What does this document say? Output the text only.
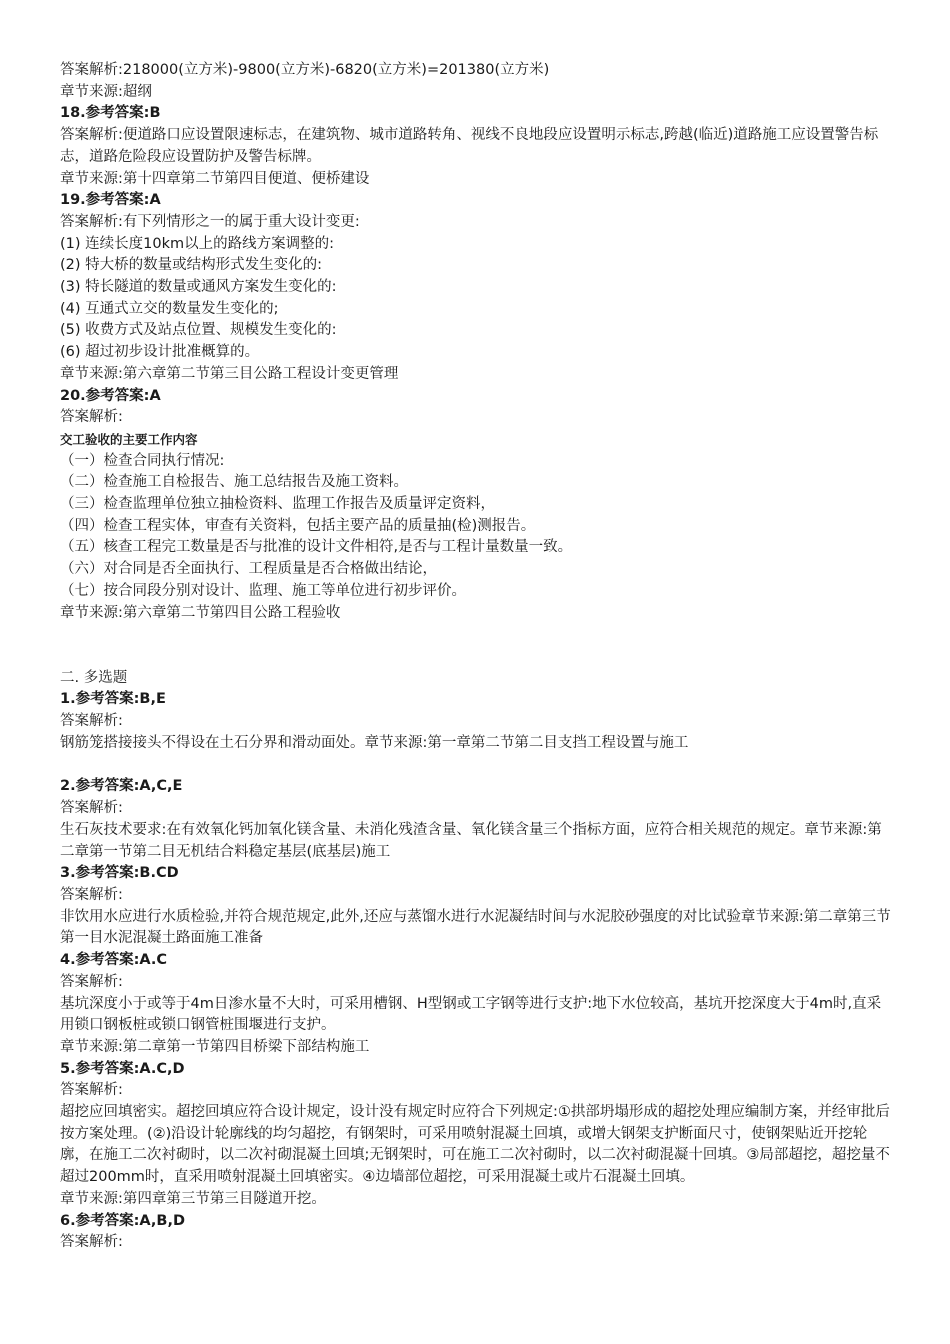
答案解析:218000(立方米)-9800(立方米)-6820(立方米)=201380(立方米)
章节来源:超纲
18.参考答案:B
答案解析:便道路口应设置限速标志，在建筑物、城市道路转角、视线不良地段应设置明示标志,跨越(临近)道路施工应设置警告标志，道路危险段应设置防护及警告标牌。
章节来源:第十四章第二节第四目便道、便桥建设
19.参考答案:A
答案解析:有下列情形之一的属于重大设计变更:
(1) 连续长度10km以上的路线方案调整的:
(2) 特大桥的数量或结构形式发生变化的:
(3) 特长隧道的数量或通风方案发生变化的:
(4) 互通式立交的数量发生变化的;
(5) 收费方式及站点位置、规模发生变化的:
(6) 超过初步设计批准概算的。
章节来源:第六章第二节第三目公路工程设计变更管理
20.参考答案:A
答案解析:
交工验收的主要工作内容
（一）检查合同执行情况:
（二）检查施工自检报告、施工总结报告及施工资料。
（三）检查监理单位独立抽检资料、监理工作报告及质量评定资料，
（四）检查工程实体，审查有关资料，包括主要产品的质量抽(检)测报告。
（五）核查工程完工数量是否与批准的设计文件相符,是否与工程计量数量一致。
（六）对合同是否全面执行、工程质量是否合格做出结论，
（七）按合同段分别对设计、监理、施工等单位进行初步评价。
章节来源:第六章第二节第四目公路工程验收
二. 多选题
1.参考答案:B,E
答案解析:
钢筋笼搭接接头不得设在土石分界和滑动面处。章节来源:第一章第二节第二目支挡工程设置与施工
2.参考答案:A,C,E
答案解析:
生石灰技术要求:在有效氧化钙加氧化镁含量、未消化残渣含量、氧化镁含量三个指标方面，应符合相关规范的规定。章节来源:第二章第一节第二目无机结合料稳定基层(底基层)施工
3.参考答案:B.CD
答案解析:
非饮用水应进行水质检验,并符合规范规定,此外,还应与蒸馏水进行水泥凝结时间与水泥胶砂强度的对比试验章节来源:第二章第三节第一目水泥混凝土路面施工准备
4.参考答案:A.C
答案解析:
基坑深度小于或等于4m日渗水量不大时，可采用槽钢、H型钢或工字钢等进行支护:地下水位较高，基坑开挖深度大于4m时,直采用锁口钢板桩或锁口钢管桩围堰进行支护。
章节来源:第二章第一节第四目桥梁下部结构施工
5.参考答案:A.C,D
答案解析:
超挖应回填密实。超挖回填应符合设计规定，设计没有规定时应符合下列规定:①拱部坍塌形成的超挖处理应编制方案，并经审批后按方案处理。(②)沿设计轮廓线的均匀超挖，有钢架时，可采用喷射混凝土回填，或增大钢架支护断面尺寸，使钢架贴近开挖轮廓，在施工二次衬砌时，以二次衬砌混凝土回填;无钢架时，可在施工二次衬砌时，以二次衬砌混凝十回填。③局部超挖，超挖量不超过200mm时，直采用喷射混凝土回填密实。④边墙部位超挖，可采用混凝土或片石混凝土回填。
章节来源:第四章第三节第三目隧道开挖。
6.参考答案:A,B,D
答案解析:
